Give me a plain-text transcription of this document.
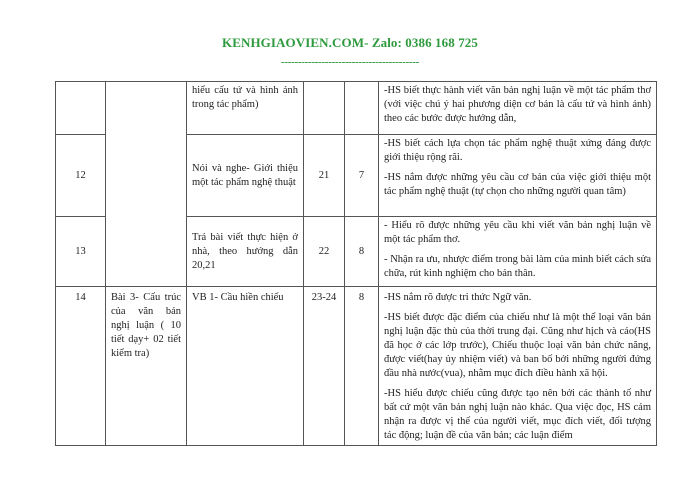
KENHGIAOVIEN.COM- Zalo: 0386 168 725
-----------------------------------------
		hiểu cấu tứ và hình ảnh trong tác phẩm)			-HS biết thực hành viết văn bản nghị luận về một tác phẩm thơ (với việc chú ý hai phương diện cơ bản là cấu tứ và hình ảnh) theo các bước được hướng dẫn,

12		Nói và nghe- Giới thiệu một tác phẩm nghệ thuật	21	7	-HS biết cách lựa chọn tác phẩm nghệ thuật xứng đáng được giới thiệu rộng rãi.

-HS nắm được những yêu cầu cơ bản của việc giới thiệu một tác phẩm nghệ thuật (tự chọn cho những người quan tâm)

13		Trả bài viết thực hiện ở nhà, theo hướng dẫn 20,21	22	8	- Hiểu rõ được những yêu cầu khi viết văn bản nghị luận về một tác phẩm thơ.

- Nhận ra ưu, nhược điểm trong bài làm của mình biết cách sửa chữa, rút kinh nghiệm cho bản thân.

14	Bài 3- Cấu trúc của văn bản nghị luận ( 10 tiết dạy+ 02 tiết kiểm tra)	VB 1- Cầu hiền chiếu	23-24	8	-HS nắm rõ được tri thức Ngữ văn.

-HS biết được đặc điểm của chiếu như là một thể loại văn bản nghị luận đặc thù của thời trung đại. Cũng như hịch và cáo(HS đã học ở các lớp trước), Chiếu thuộc loại văn bản chức năng, được viết(hay ủy nhiệm viết) và ban bố bởi những người đứng đầu nhà nước(vua), nhằm mục đích điều hành xã hội.

-HS hiểu được chiếu cũng được tạo nên bởi các thành tố như bất cứ một văn bản nghị luận nào khác. Qua việc đọc, HS cảm nhận ra được vị thế của người viết, mục đích viết, đối tượng tác động; luận đề của văn bản; các luận điểm
